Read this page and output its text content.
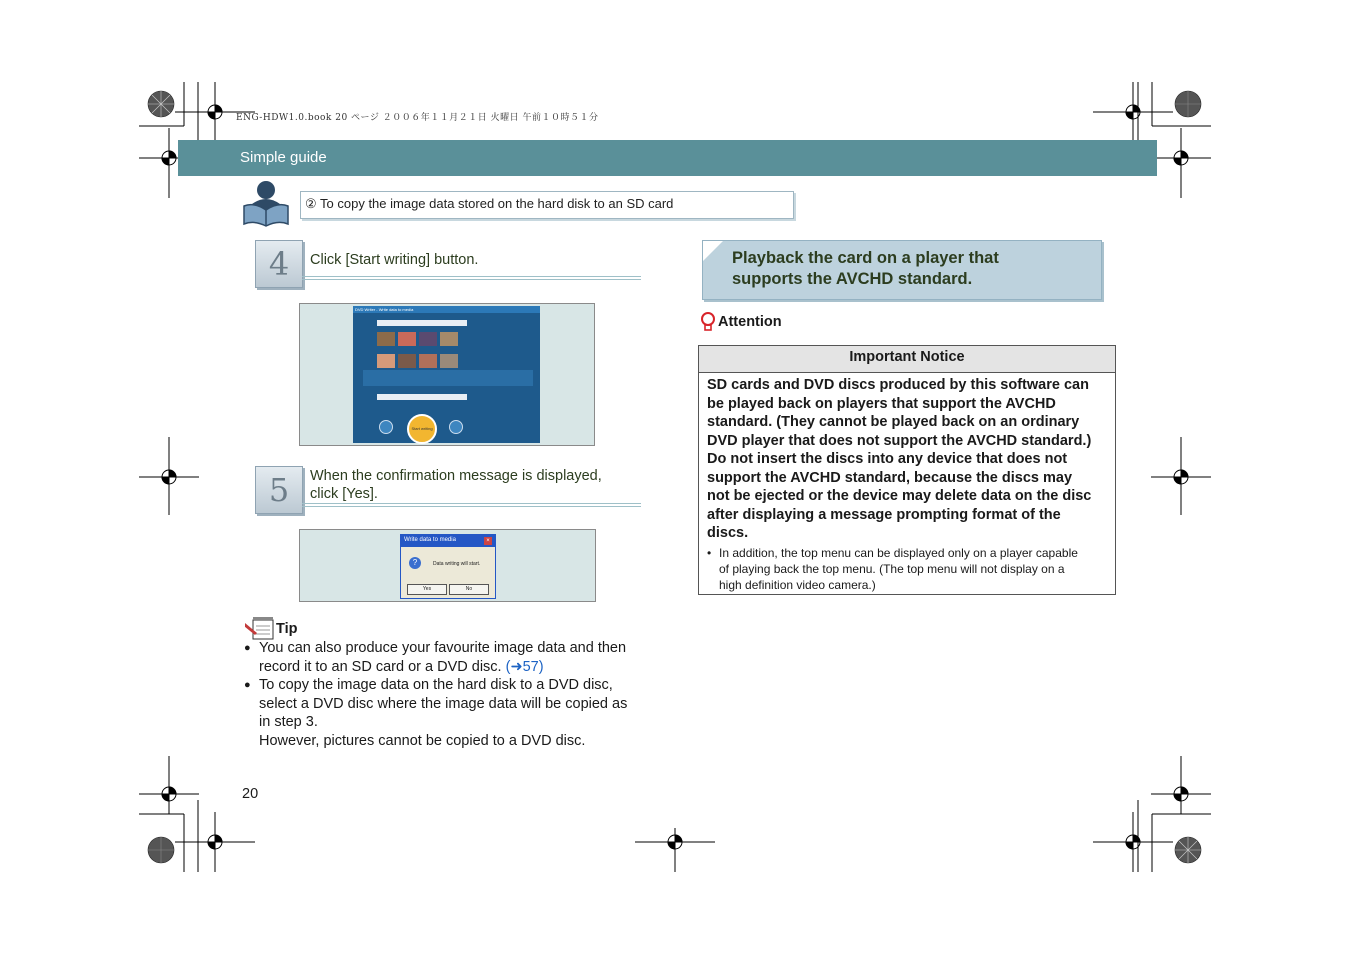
ENG-HDW1.0.book 20 ページ ２００６年１１月２１日 火曜日 午前１０時５１分
Simple guide
② To copy the image data stored on the hard disk to an SD card
4	Click [Start writing] button.
DVD Writer - Write data to media
Start writing
5	When the confirmation message is displayed,
click [Yes].
Write data to media	×
?	Data writing will start.
Yes	No
Tip
● You can also produce your favourite image data and then
record it to an SD card or a DVD disc. (➜57)
● To copy the image data on the hard disk to a DVD disc,
select a DVD disc where the image data will be copied as
in step 3.
However, pictures cannot be copied to a DVD disc.
20
Playback the card on a player that
supports the AVCHD standard.
Attention
Important Notice
SD cards and DVD discs produced by this software can
be played back on players that support the AVCHD
standard. (They cannot be played back on an ordinary
DVD player that does not support the AVCHD standard.)
Do not insert the discs into any device that does not
support the AVCHD standard, because the discs may
not be ejected or the device may delete data on the disc
after displaying a message prompting format of the
discs.
• In addition, the top menu can be displayed only on a player capable
of playing back the top menu. (The top menu will not display on a
high definition video camera.)
